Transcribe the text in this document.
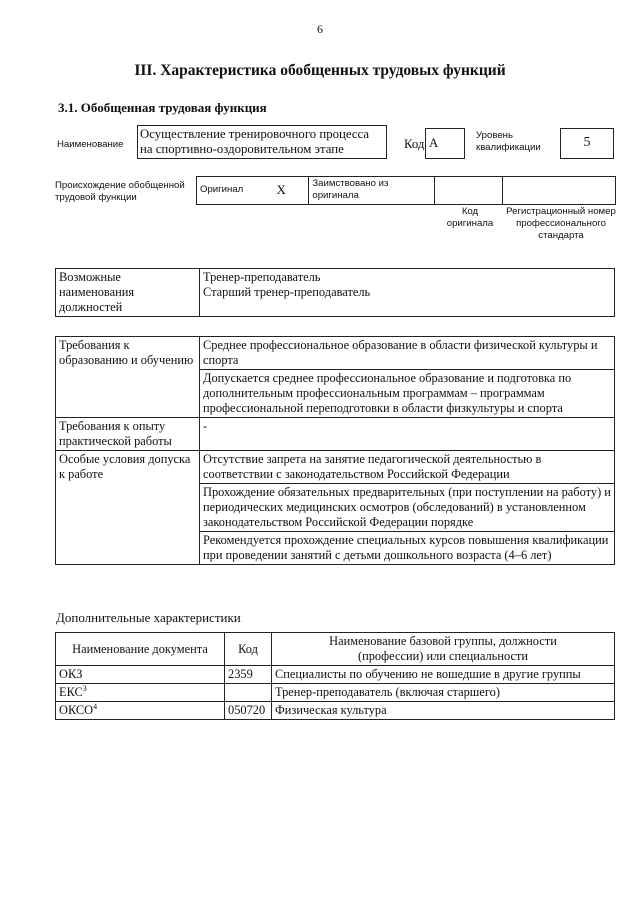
6
III. Характеристика обобщенных трудовых функций
3.1. Обобщенная трудовая функция
Наименование
Осуществление тренировочного процесса на спортивно-оздоровительном этапе	Код A
Уровень квалификации	5
Происхождение обобщенной трудовой функции
Оригинал	X	Заимствовано из оригинала		
Код оригинала
Регистрационный номер профессионального стандарта
Возможные наименования должностей	
Тренер-преподаватель
Старший тренер-преподаватель
Требования к образованию и обучению	Среднее профессиональное образование в области физической культуры и спорта
	Допускается среднее профессиональное образование и подготовка по дополнительным профессиональным программам – программам профессиональной переподготовки в области физкультуры и спорта
Требования к опыту практической работы	-
Особые условия допуска к работе	Отсутствие запрета на занятие педагогической деятельностью в соответствии с законодательством Российской Федерации
	Прохождение обязательных предварительных (при поступлении на работу) и периодических медицинских осмотров (обследований) в установленном законодательством Российской Федерации порядке
	Рекомендуется прохождение специальных курсов повышения квалификации при проведении занятий с детьми дошкольного возраста (4–6 лет)
Дополнительные характеристики
Наименование документа	Код	Наименование базовой группы, должности (профессии) или специальности
ОКЗ	2359	Специалисты по обучению не вошедшие в другие группы
ЕКС$^3$		Тренер-преподаватель (включая старшего)
ОКСО$^4$	050720	Физическая культура
